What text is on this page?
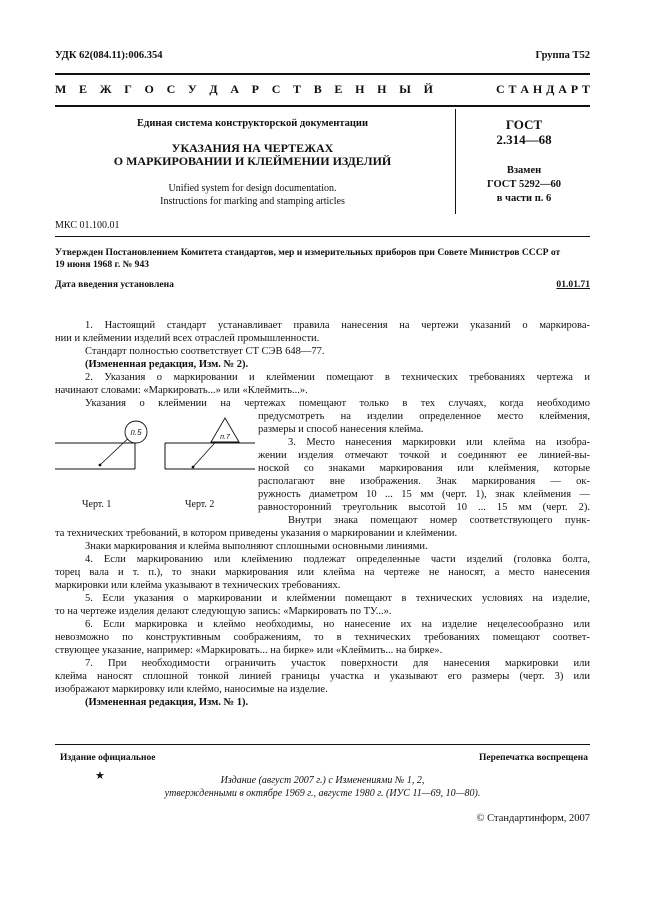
УДК 62(084.11):006.354	Группа Т52
М Е Ж Г О С У Д А Р С Т В Е Н Н Ы Й	С Т А Н Д А Р Т
Единая система конструкторской документации
УКАЗАНИЯ НА ЧЕРТЕЖАХ
О МАРКИРОВАНИИ И КЛЕЙМЕНИИ ИЗДЕЛИЙ
Unified system for design documentation.
Instructions for marking and stamping articles
ГОСТ
2.314—68
Взамен
ГОСТ 5292—60
в части п. 6
МКС 01.100.01
Утвержден Постановлением Комитета стандартов, мер и измерительных приборов при Совете Министров СССР от
19 июня 1968 г. № 943
Дата введения установлена	01.01.71
1. Настоящий стандарт устанавливает правила нанесения на чертежи указаний о маркирова-
нии и клеймении изделий всех отраслей промышленности.
Стандарт полностью соответствует СТ СЭВ 648—77.
(Измененная редакция, Изм. № 2).
2. Указания о маркировании и клеймении помещают в технических требованиях чертежа и
начинают словами: «Маркировать...» или «Клеймить...».
Указания о клеймении на чертежах помещают только в тех случаях, когда необходимо
предусмотреть на изделии определенное место клеймения,
размеры и способ нанесения клейма.
3. Место нанесения маркировки или клейма на изобра-
жении изделия отмечают точкой и соединяют ее линией-вы-
ноской со знаками маркирования или клеймения, которые
располагают вне изображения. Знак маркирования — ок-
ружность диаметром 10 ... 15 мм (черт. 1), знак клеймения —
равносторонний треугольник высотой 10 ... 15 мм (черт. 2).
Внутри знака помещают номер соответствующего пунк-
та технических требований, в котором приведены указания о маркировании и клеймении.
Знаки маркирования и клейма выполняют сплошными основными линиями.
4. Если маркированию или клеймению подлежат определенные части изделий (головка болта,
торец вала и т. п.), то знаки маркирования или клейма на чертеже не наносят, а место нанесения
маркировки или клейма указывают в технических требованиях.
5. Если указания о маркировании и клеймении помещают в технических условиях на изделие,
то на чертеже изделия делают следующую запись: «Маркировать по ТУ...».
6. Если маркировка и клеймо необходимы, но нанесение их на изделие нецелесообразно или
невозможно по конструктивным соображениям, то в технических требованиях помещают соответ-
ствующее указание, например: «Маркировать... на бирке» или «Клеймить... на бирке».
7. При необходимости ограничить участок поверхности для нанесения маркировки или
клейма наносят сплошной тонкой линией границы участка и указывают его размеры (черт. 3) или
изображают маркировку или клеймо, наносимые на изделие.
(Измененная редакция, Изм. № 1).
п.5
п.7
Черт. 1	Черт. 2
Издание официальное	Перепечатка воспрещена
★	Издание (август 2007 г.) с Изменениями № 1, 2,
утвержденными в октябре 1969 г., августе 1980 г. (ИУС 11—69, 10—80).
© Стандартинформ, 2007
